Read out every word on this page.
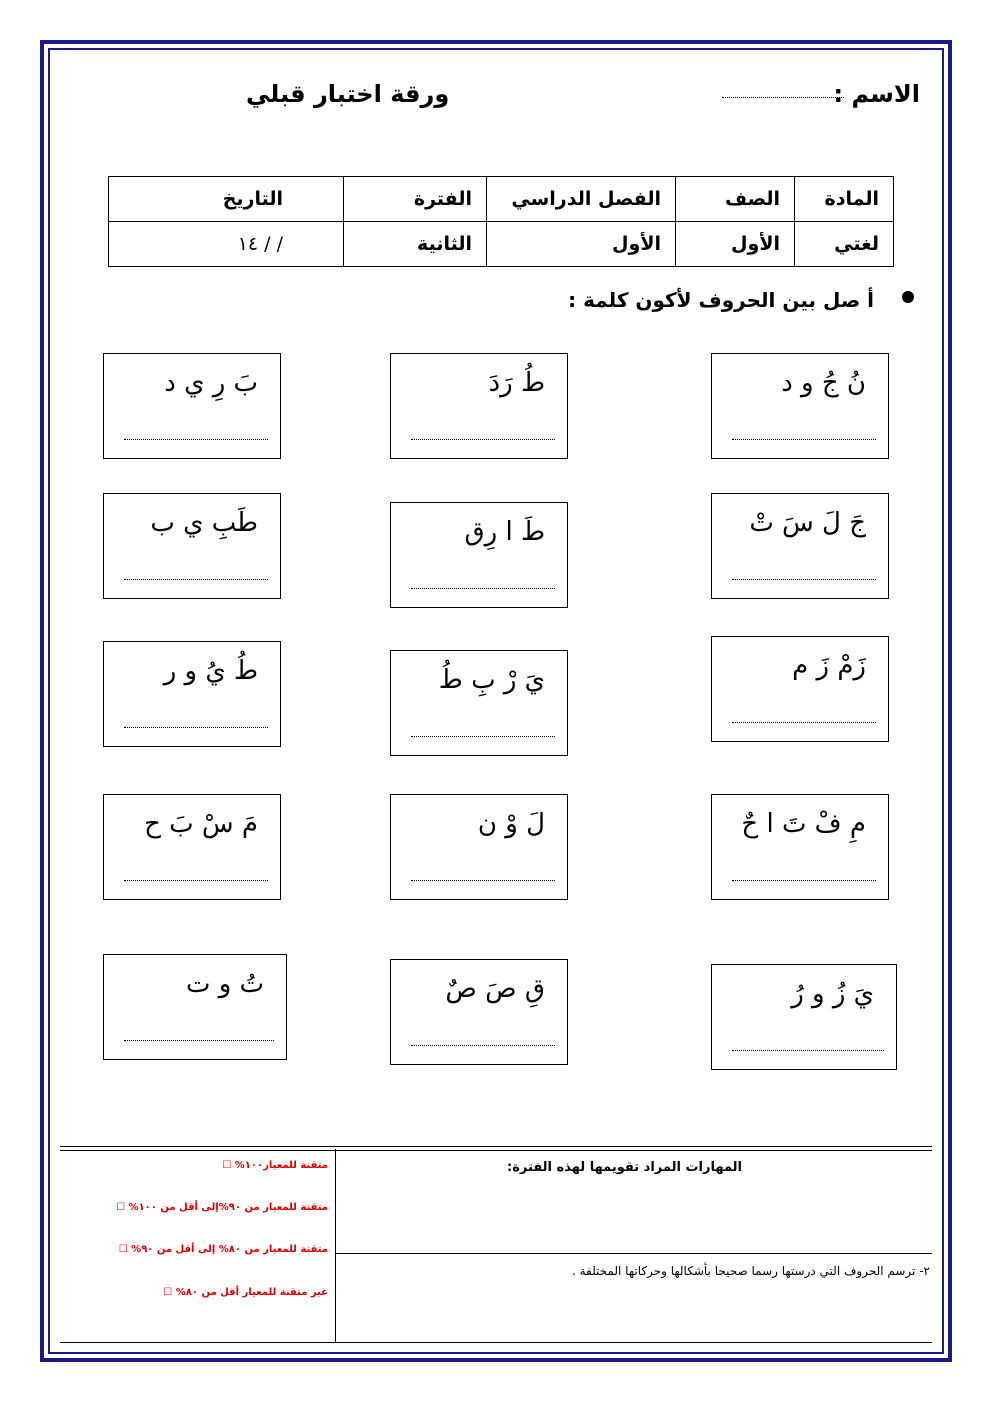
الاسم :
ورقة اختبار قبلي
المادة	الصف	الفصل الدراسي	الفترة	التاريخ
لغتي	الأول	الأول	الثانية	/ / ١٤
أ صل بين الحروف لأكون كلمة :
نُ جُ و د
طُ رَدَ
بَ رِ ي د
جَ لَ سَ تْ
طَ ا رِق
طَبِ ي ب
زَمْ زَ م
يَ رْ بِ طُ
طُ يُ و ر
مِ فْ تَ ا حٌ
لَ وْ ن
مَ سْ بَ ح
يَ زُ و رُ
قِ صَ صٌ
تُ و ت
المهارات المراد تقويمها لهذه الفترة:
٢- ترسم الحروف التي درستها رسما صحيحا بأشكالها وحركاتها المختلفة .
متقنة للمعيار١٠٠% ☐
متقنة للمعيار من ٩٠%إلى أقل من ١٠٠% ☐
متقنة للمعيار من ٨٠% إلى أقل من ٩٠% ☐
غير متقنة للمعيار أقل من ٨٠% ☐
